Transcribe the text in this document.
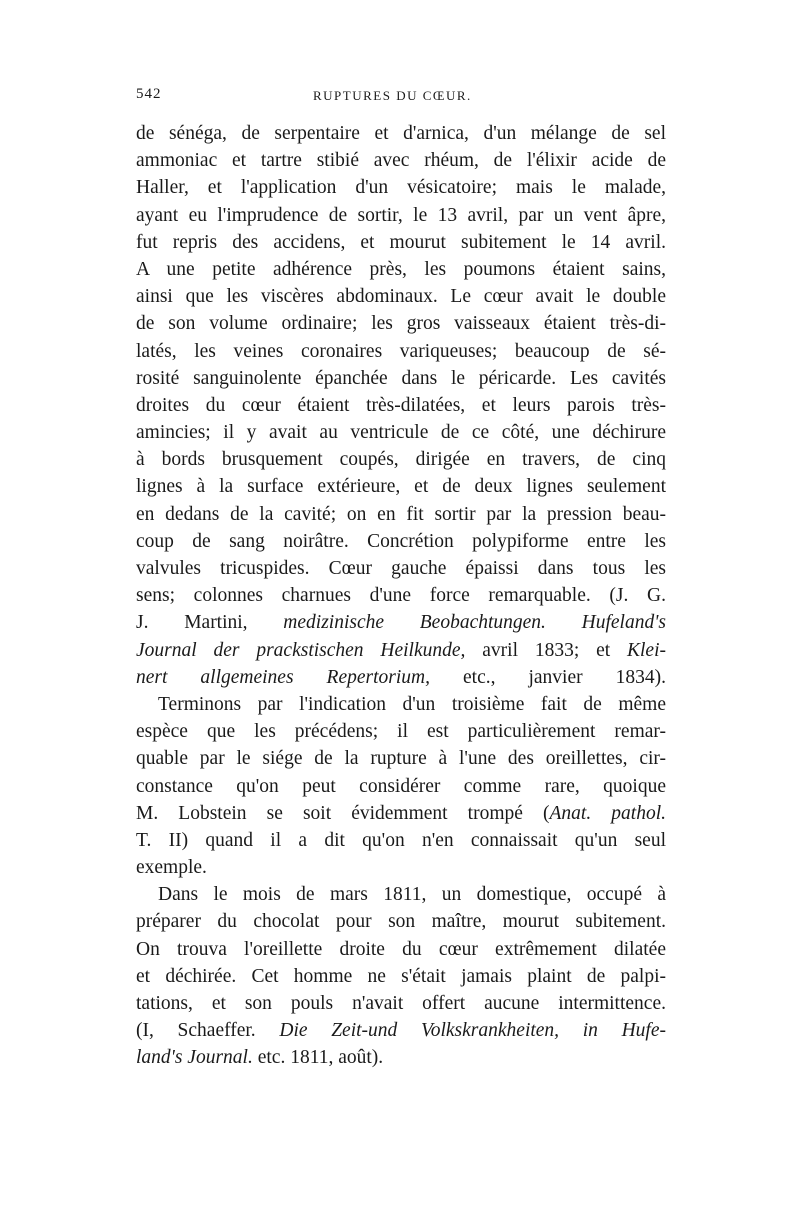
542	RUPTURES DU CŒUR.
de sénéga, de serpentaire et d'arnica, d'un mélange de sel
ammoniac et tartre stibié avec rhéum, de l'élixir acide de
Haller, et l'application d'un vésicatoire; mais le malade,
ayant eu l'imprudence de sortir, le 13 avril, par un vent âpre,
fut repris des accidens, et mourut subitement le 14 avril.
A une petite adhérence près, les poumons étaient sains,
ainsi que les viscères abdominaux. Le cœur avait le double
de son volume ordinaire; les gros vaisseaux étaient très-di-
latés, les veines coronaires variqueuses; beaucoup de sé-
rosité sanguinolente épanchée dans le péricarde. Les cavités
droites du cœur étaient très-dilatées, et leurs parois très-
amincies; il y avait au ventricule de ce côté, une déchirure
à bords brusquement coupés, dirigée en travers, de cinq
lignes à la surface extérieure, et de deux lignes seulement
en dedans de la cavité; on en fit sortir par la pression beau-
coup de sang noirâtre. Concrétion polypiforme entre les
valvules tricuspides. Cœur gauche épaissi dans tous les
sens; colonnes charnues d'une force remarquable. (J. G.
J. Martini, medizinische Beobachtungen. Hufeland's
Journal der prackstischen Heilkunde, avril 1833; et Klei-
nert allgemeines Repertorium, etc., janvier 1834).
Terminons par l'indication d'un troisième fait de même
espèce que les précédens; il est particulièrement remar-
quable par le siége de la rupture à l'une des oreillettes, cir-
constance qu'on peut considérer comme rare, quoique
M. Lobstein se soit évidemment trompé (Anat. pathol.
T. II) quand il a dit qu'on n'en connaissait qu'un seul
exemple.
Dans le mois de mars 1811, un domestique, occupé à
préparer du chocolat pour son maître, mourut subitement.
On trouva l'oreillette droite du cœur extrêmement dilatée
et déchirée. Cet homme ne s'était jamais plaint de palpi-
tations, et son pouls n'avait offert aucune intermittence.
(I, Schaeffer. Die Zeit-und Volkskrankheiten, in Hufe-
land's Journal. etc. 1811, août).
